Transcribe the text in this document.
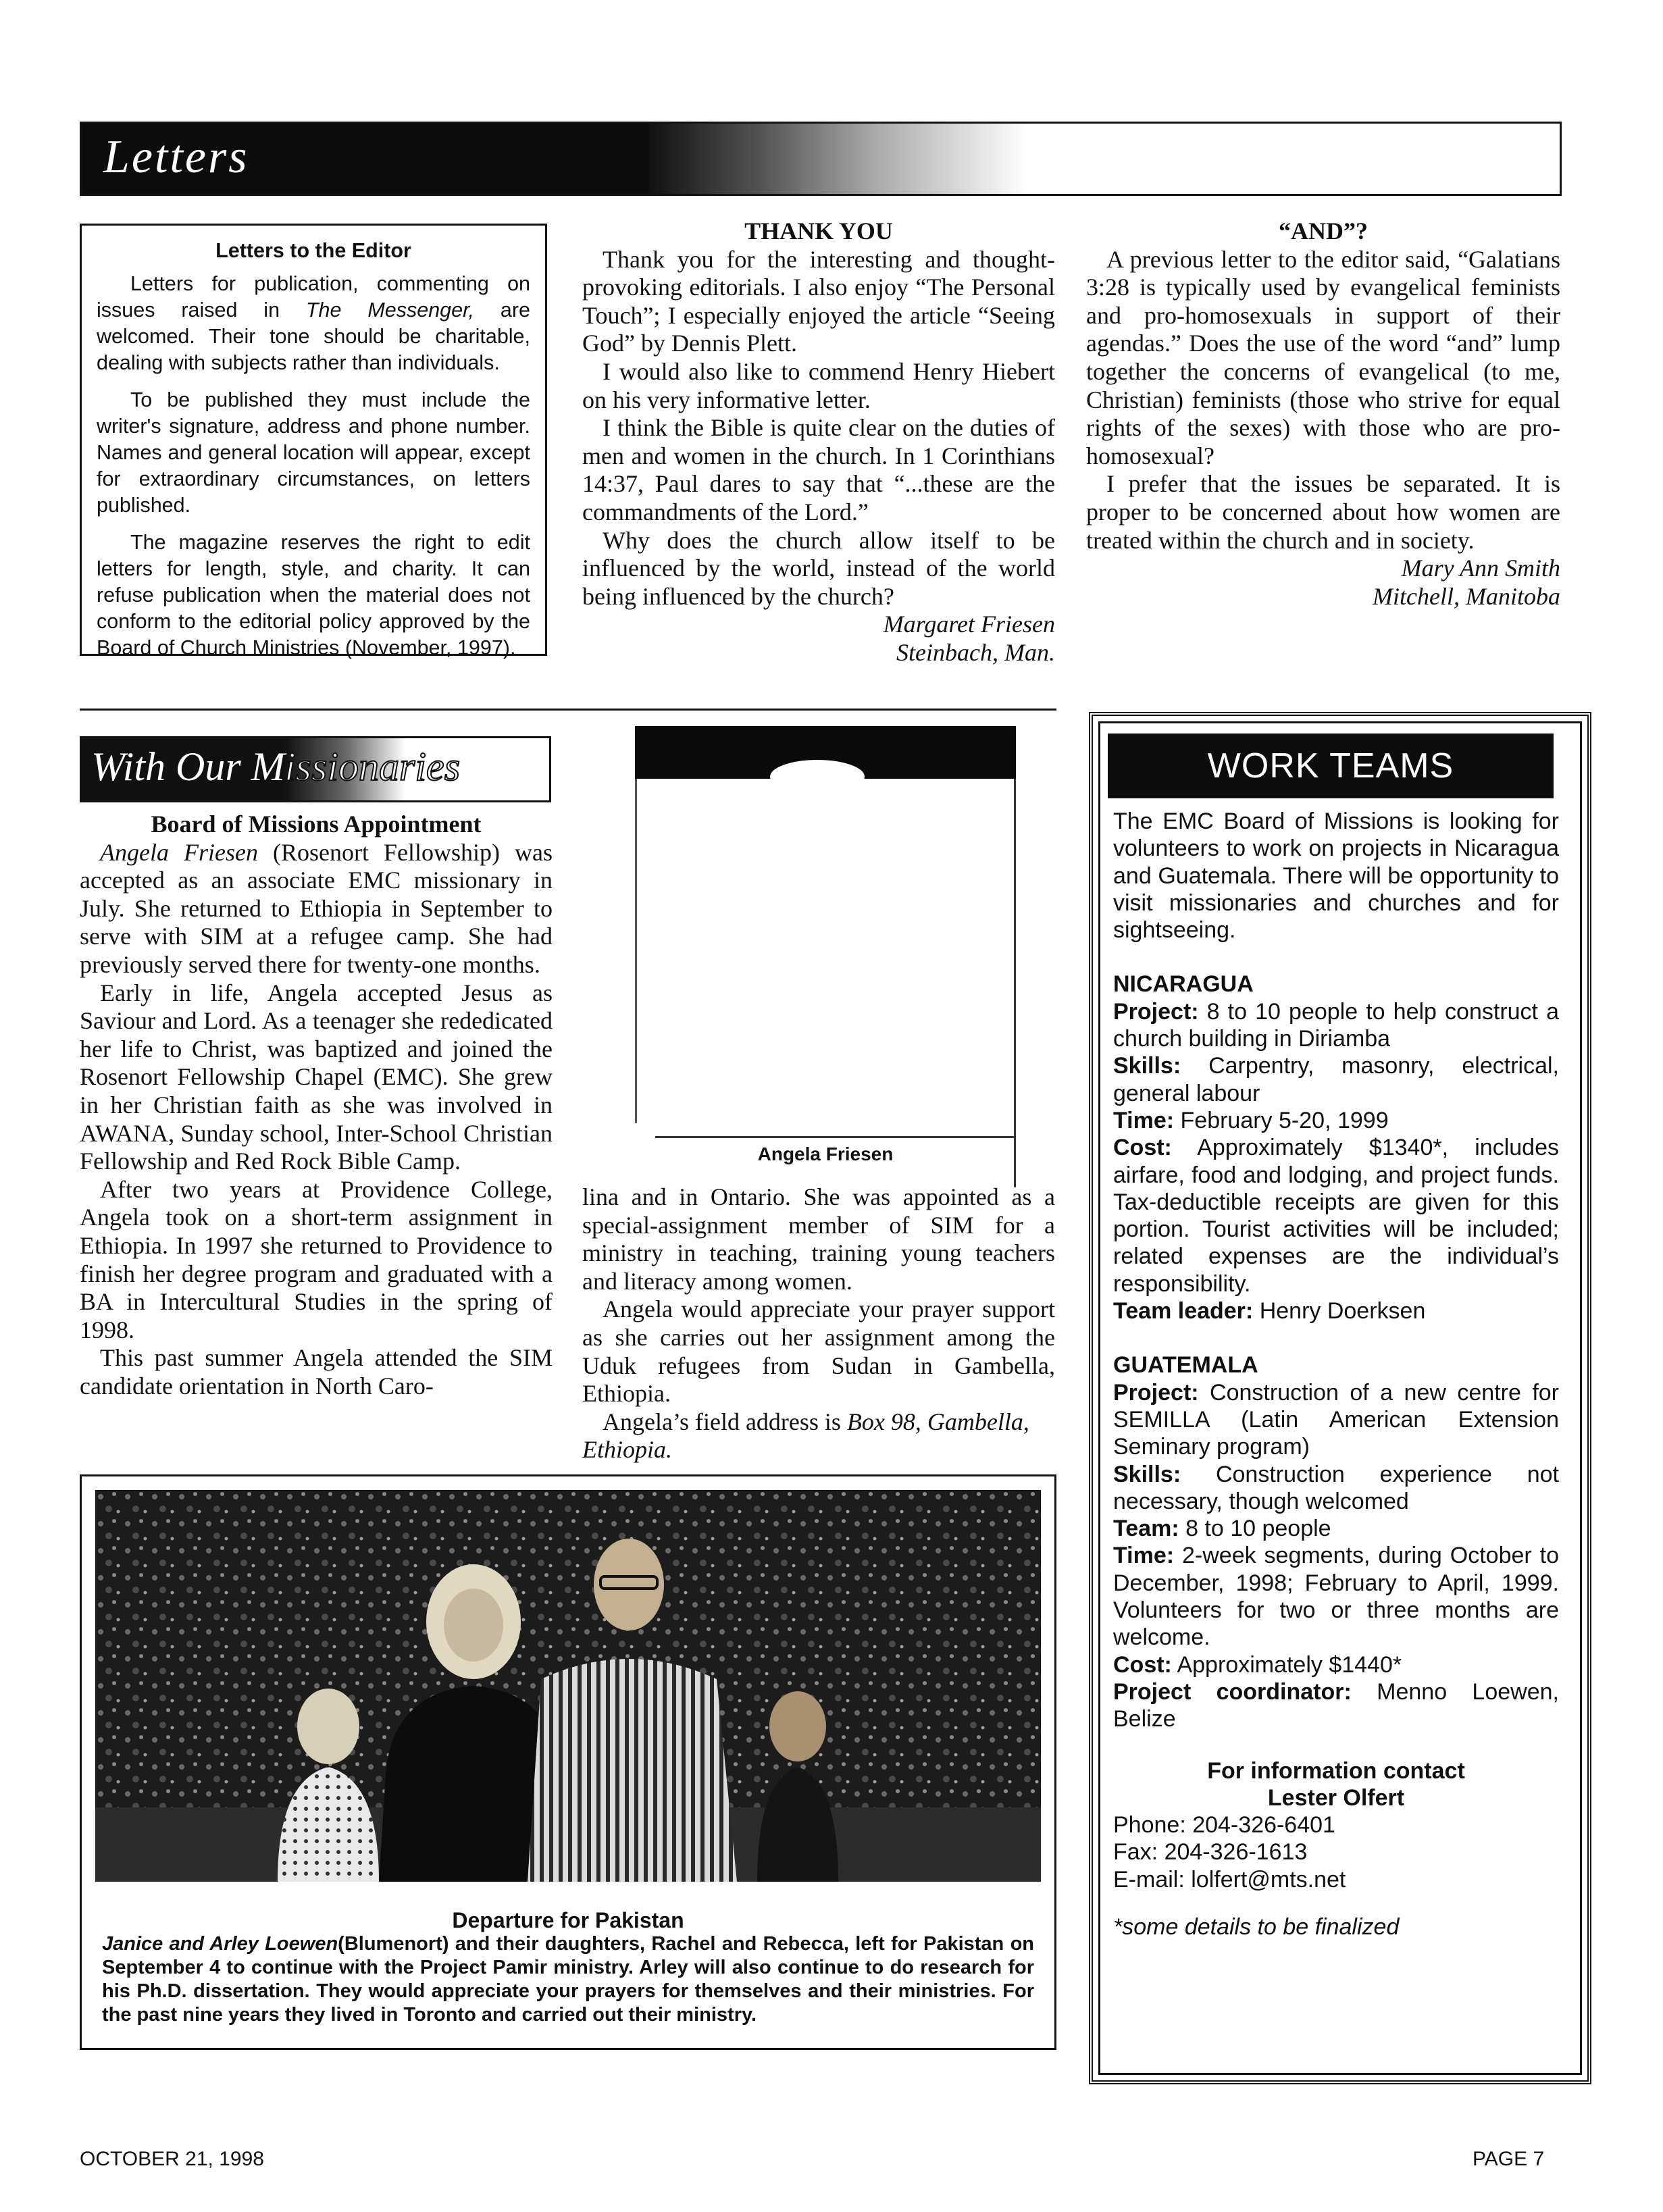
Letters
Letters to the Editor

Letters for publication, commenting on issues raised in The Messenger, are welcomed. Their tone should be charitable, dealing with subjects rather than individuals.

To be published they must include the writer's signature, address and phone number. Names and general location will appear, except for extraordinary circumstances, on letters published.

The magazine reserves the right to edit letters for length, style, and charity. It can refuse publication when the material does not conform to the editorial policy approved by the Board of Church Ministries (November, 1997).

THANK YOU

Thank you for the interesting and thought-provoking editorials. I also enjoy “The Personal Touch”; I especially enjoyed the article “Seeing God” by Dennis Plett.

I would also like to commend Henry Hiebert on his very informative letter.

I think the Bible is quite clear on the duties of men and women in the church. In 1 Corinthians 14:37, Paul dares to say that “...these are the commandments of the Lord.”

Why does the church allow itself to be influenced by the world, instead of the world being influenced by the church?

Margaret Friesen
Steinbach, Man.
“AND”?

A previous letter to the editor said, “Galatians 3:28 is typically used by evangelical feminists and pro-homosexuals in support of their agendas.” Does the use of the word “and” lump together the concerns of evangelical (to me, Christian) feminists (those who strive for equal rights of the sexes) with those who are pro-homosexual?

I prefer that the issues be separated. It is proper to be concerned about how women are treated within the church and in society.

Mary Ann Smith
Mitchell, Manitoba
With Our M issionaries
Board of Missions Appointment

Angela Friesen (Rosenort Fellowship) was accepted as an associate EMC missionary in July. She returned to Ethiopia in September to serve with SIM at a refugee camp. She had previously served there for twenty-one months.

Early in life, Angela accepted Jesus as Saviour and Lord. As a teenager she rededicated her life to Christ, was baptized and joined the Rosenort Fellowship Chapel (EMC). She grew in her Christian faith as she was involved in AWANA, Sunday school, Inter-School Christian Fellowship and Red Rock Bible Camp.

After two years at Providence College, Angela took on a short-term assignment in Ethiopia. In 1997 she returned to Providence to finish her degree program and graduated with a BA in Intercultural Studies in the spring of 1998.

This past summer Angela attended the SIM candidate orientation in North Caro-

Angela Friesen

lina and in Ontario. She was appointed as a special-assignment member of SIM for a ministry in teaching, training young teachers and literacy among women.

Angela would appreciate your prayer support as she carries out her assignment among the Uduk refugees from Sudan in Gambella, Ethiopia.

Angela’s field address is Box 98, Gambella, Ethiopia.

Departure for Pakistan
Janice and Arley Loewen(Blumenort) and their daughters, Rachel and Rebecca, left for Pakistan on September 4 to continue with the Project Pamir ministry. Arley will also continue to do research for his Ph.D. dissertation. They would appreciate your prayers for themselves and their ministries. For the past nine years they lived in Toronto and carried out their ministry.
WORK TEAMS

The EMC Board of Missions is looking for volunteers to work on projects in Nicaragua and Guatemala. There will be opportunity to visit missionaries and churches and for sightseeing.

NICARAGUA
Project: 8 to 10 people to help construct a church building in Diriamba
Skills: Carpentry, masonry, electrical, general labour
Time: February 5-20, 1999
Cost: Approximately $1340*, includes airfare, food and lodging, and project funds. Tax-deductible receipts are given for this portion. Tourist activities will be included; related expenses are the individual’s responsibility.
Team leader: Henry Doerksen
GUATEMALA
Project: Construction of a new centre for SEMILLA (Latin American Extension Seminary program)
Skills: Construction experience not necessary, though welcomed
Team: 8 to 10 people
Time: 2-week segments, during October to December, 1998; February to April, 1999. Volunteers for two or three months are welcome.
Cost: Approximately $1440*
Project coordinator: Menno Loewen, Belize
For information contact
Lester Olfert
Phone: 204-326-6401
Fax: 204-326-1613
E-mail: lolfert@mts.net
*some details to be finalized
OCTOBER 21, 1998	PAGE 7
